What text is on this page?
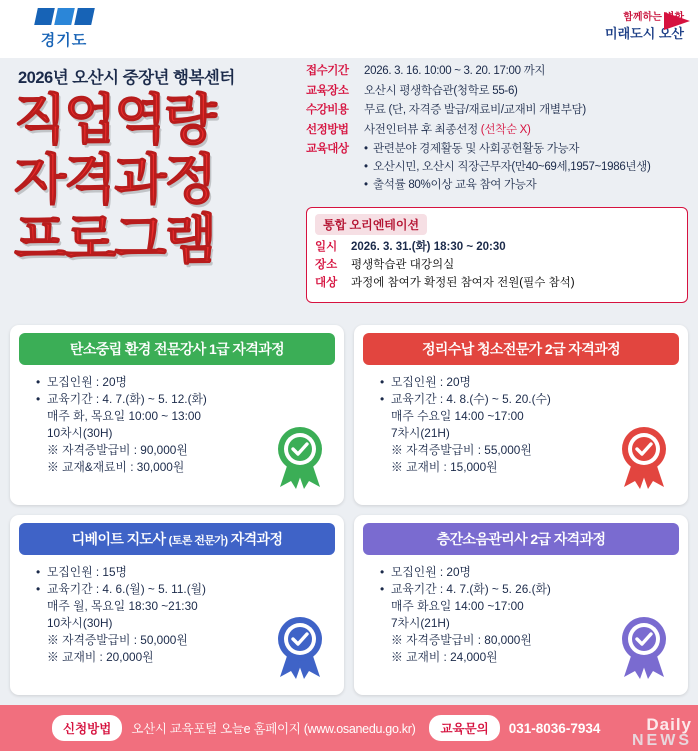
경기도
함께하는 변화
미래도시 오산
2026년 오산시 중장년 행복센터
직업역량
자격과정
프로그램
접수기간	2026. 3. 16. 10:00 ~ 3. 20. 17:00 까지
교육장소	오산시 평생학습관(청학로 55-6)
수강비용	무료 (단, 자격증 발급/재료비/교재비 개별부담)
선정방법	사전인터뷰 후 최종선정 (선착순 X)
교육대상	• 관련분야 경제활동 및 사회공헌활동 가능자
• 오산시민, 오산시 직장근무자(만40~69세,1957~1986년생)
• 출석률 80%이상 교육 참여 가능자
통합 오리엔테이션
일시	2026. 3. 31.(화) 18:30 ~ 20:30
장소	평생학습관 대강의실
대상	과정에 참여가 확정된 참여자 전원(필수 참석)
탄소중립 환경 전문강사 1급 자격과정
• 모집인원 : 20명
• 교육기간 : 4. 7.(화) ~ 5. 12.(화)
매주 화, 목요일 10:00 ~ 13:00
10차시(30H)
※ 자격증발급비 : 90,000원
※ 교재&재료비 : 30,000원
정리수납 청소전문가 2급 자격과정
• 모집인원 : 20명
• 교육기간 : 4. 8.(수) ~ 5. 20.(수)
매주 수요일 14:00 ~17:00
7차시(21H)
※ 자격증발급비 : 55,000원
※ 교재비 : 15,000원
디베이트 지도사 (토론 전문가) 자격과정
• 모집인원 : 15명
• 교육기간 : 4. 6.(월) ~ 5. 11.(월)
매주 월, 목요일 18:30 ~21:30
10차시(30H)
※ 자격증발급비 : 50,000원
※ 교재비 : 20,000원
층간소음관리사 2급 자격과정
• 모집인원 : 20명
• 교육기간 : 4. 7.(화) ~ 5. 26.(화)
매주 화요일 14:00 ~17:00
7차시(21H)
※ 자격증발급비 : 80,000원
※ 교재비 : 24,000원
신청방법	오산시 교육포털 오늘e 홈페이지 (www.osanedu.go.kr)	교육문의	031-8036-7934	Daily
NEWS
